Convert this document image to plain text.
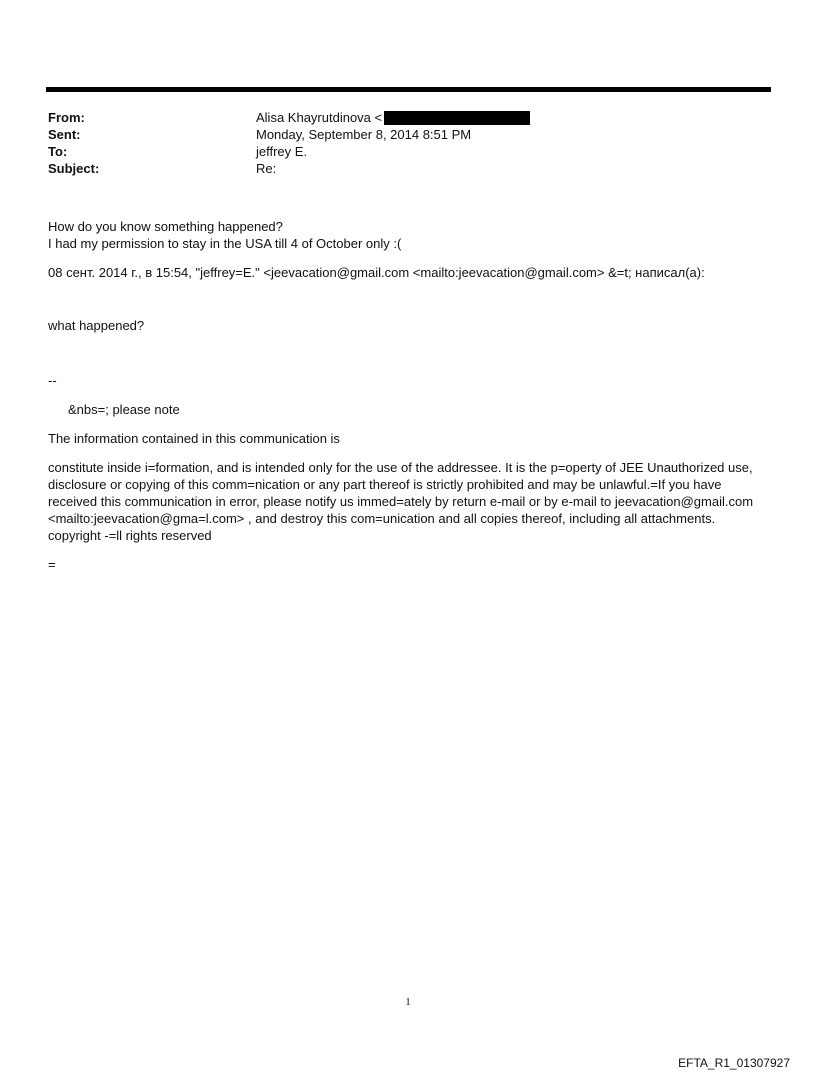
From:	Alisa Khayrutdinova <
Sent:	Monday, September 8, 2014 8:51 PM
To:	jeffrey E.
Subject:	Re:

How do you know something happened?

I had my permission to stay in the USA till 4 of October only :(

08 сент. 2014 г., в 15:54, "jeffrey=E." <jeevacation@gmail.com <mailto:jeevacation@gmail.com> &=t; написал(а):

what happened?

--

&nbs=; please note

The information contained in this communication is

constitute inside i=formation, and is intended only for the use of the addressee. It is the p=operty of JEE Unauthorized use, disclosure or copying of this comm=nication or any part thereof is strictly prohibited and may be unlawful.=If you have received this communication in error, please notify us immed=ately by return e-mail or by e-mail to jeevacation@gmail.com <mailto:jeevacation@gma=l.com> , and destroy this com=unication and all copies thereof, including all attachments. copyright -=ll rights reserved

=

1
EFTA_R1_01307927
